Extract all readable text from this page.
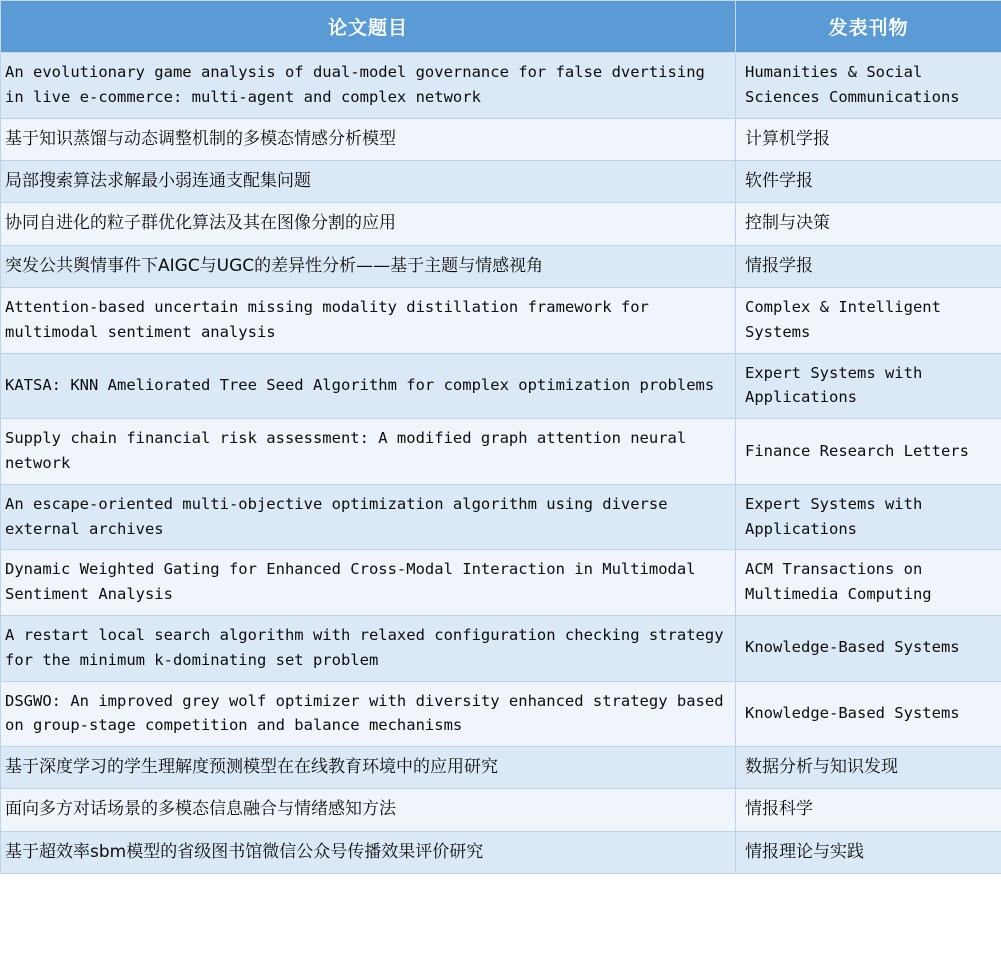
论文题目	发表刊物
An evolutionary game analysis of dual-model governance for false dvertising in live e-commerce: multi-agent and complex network	Humanities & Social Sciences Communications
基于知识蒸馏与动态调整机制的多模态情感分析模型	计算机学报
局部搜索算法求解最小弱连通支配集问题	软件学报
协同自进化的粒子群优化算法及其在图像分割的应用	控制与决策
突发公共舆情事件下AIGC与UGC的差异性分析——基于主题与情感视角	情报学报
Attention-based uncertain missing modality distillation framework for multimodal sentiment analysis	Complex & Intelligent Systems
KATSA: KNN Ameliorated Tree Seed Algorithm for complex optimization problems	Expert Systems with Applications
Supply chain financial risk assessment: A modified graph attention neural network	Finance Research Letters
An escape-oriented multi-objective optimization algorithm using diverse external archives	Expert Systems with Applications
Dynamic Weighted Gating for Enhanced Cross-Modal Interaction in Multimodal Sentiment Analysis	ACM Transactions on Multimedia Computing
A restart local search algorithm with relaxed configuration checking strategy for the minimum k-dominating set problem	Knowledge-Based Systems
DSGWO: An improved grey wolf optimizer with diversity enhanced strategy based on group-stage competition and balance mechanisms	Knowledge-Based Systems
基于深度学习的学生理解度预测模型在在线教育环境中的应用研究	数据分析与知识发现
面向多方对话场景的多模态信息融合与情绪感知方法	情报科学
基于超效率sbm模型的省级图书馆微信公众号传播效果评价研究	情报理论与实践
